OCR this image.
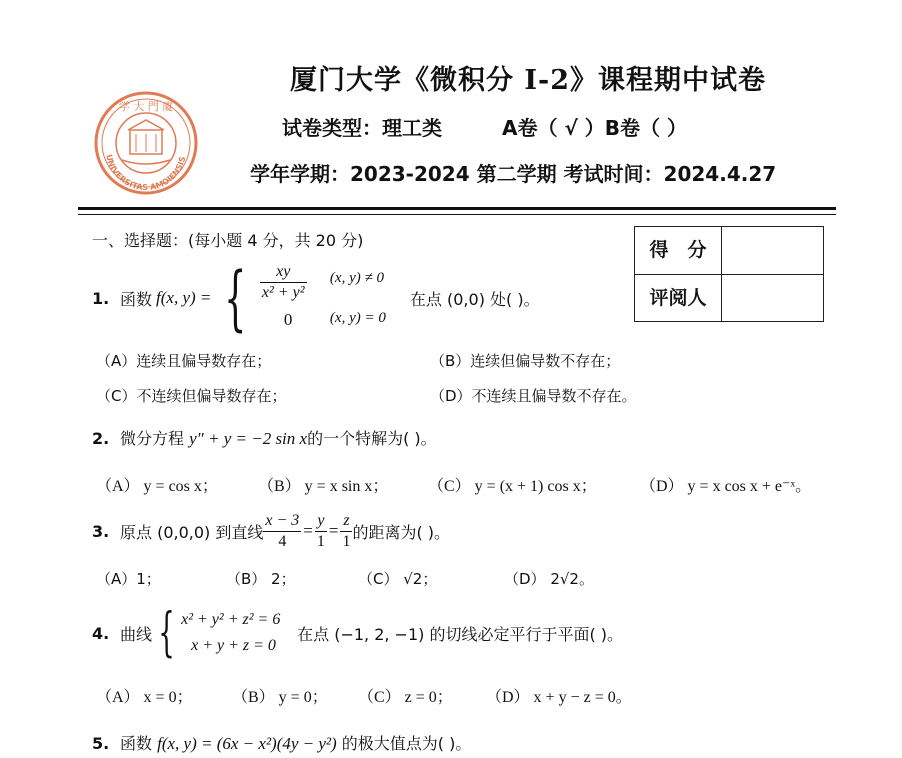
厦门大学《微积分 I-2》课程期中试卷
试卷类型：理工类	A卷（ √ ）B卷（ ）
学年学期：2023-2024 第二学期 考试时间：2024.4.27
学 大 門 廈
UNIVERSITAS AMOIENSIS
得　分
评阅人
一、选择题：(每小题 4 分，共 20 分)
1. 函数 f(x, y) = { $\frac{xy}{\text{x² + y²}} (x$, y) ≠ 0
0	(x, y) = 0
在点 (0,0) 处( )。
（A）连续且偏导数存在；	（B）连续但偏导数不存在；
（C）不连续但偏导数存在；	（D）不连续且偏导数不存在。
2. 微分方程 y″ + y = −2 sin x的一个特解为( )。
（A） y = cos x；	（B） y = x sin x； （C） y = (x + 1) cos x；	（D） y = x cos x + e⁻ˣ。
3. 原点 (0,0,0) 到直线 $\frac{x - 3}{4} = \frac{y}{1} = \frac{z}{1}$ 的距离为( )。
（A）1；	（B） 2；	（C） √2；	（D） 2√2。
4. 曲线 { x² + y² + z² = 6
x + y + z = 0
在点 (−1, 2, −1) 的切线必定平行于平面( )。
（A） x = 0； （B） y = 0； （C） z = 0； （D） x + y − z = 0。
5. 函数 f(x, y) = (6x − x²)(4y − y²) 的极大值点为( )。
